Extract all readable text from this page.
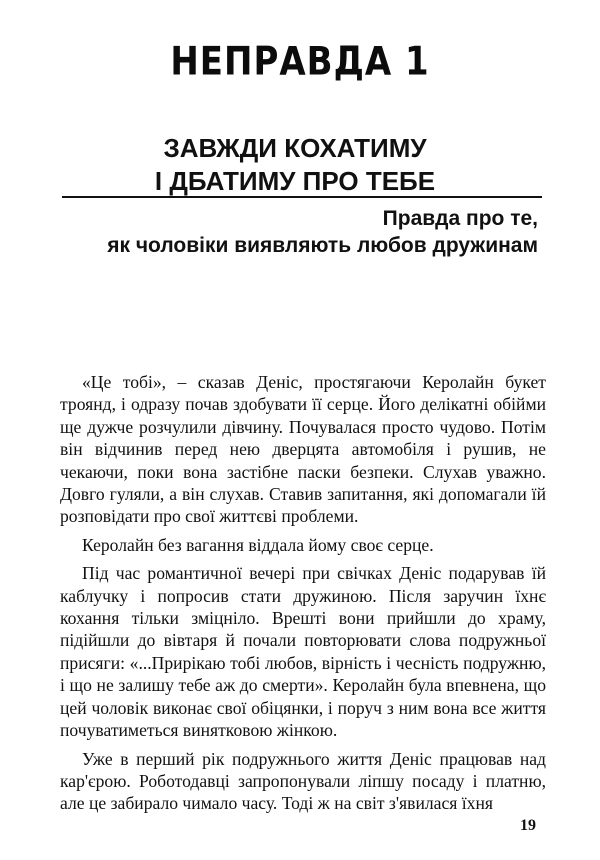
НЕПРАВДА 1
ЗАВЖДИ КОХАТИМУ
І ДБАТИМУ ПРО ТЕБЕ
Правда про те,
як чоловіки виявляють любов дружинам

«Це тобі», – сказав Деніс, простягаючи Керолайн букет троянд, і одразу почав здобувати її серце. Його делікатні обійми ще дужче розчулили дівчину. Почувалася просто чудово. Потім він відчинив перед нею дверцята автомобіля і рушив, не чекаючи, поки вона застібне паски безпеки. Слухав уважно. Довго гуляли, а він слухав. Ставив запитання, які допомагали їй розповідати про свої життєві проблеми.

Керолайн без вагання віддала йому своє серце.

Під час романтичної вечері при свічках Деніс подарував їй каблучку і попросив стати дружиною. Після заручин їхнє кохання тільки зміцніло. Врешті вони прийшли до храму, підійшли до вівтаря й почали повторювати слова подружньої присяги: «...Прирікаю тобі любов, вірність і чесність подружню, і що не залишу тебе аж до смерти». Керолайн була впевнена, що цей чоловік виконає свої обіцянки, і поруч з ним вона все життя почуватиметься винятковою жінкою.

Уже в перший рік подружнього життя Деніс працював над кар'єрою. Роботодавці запропонували ліпшу посаду і платню, але це забирало чимало часу. Тоді ж на світ з'явилася їхня

19
